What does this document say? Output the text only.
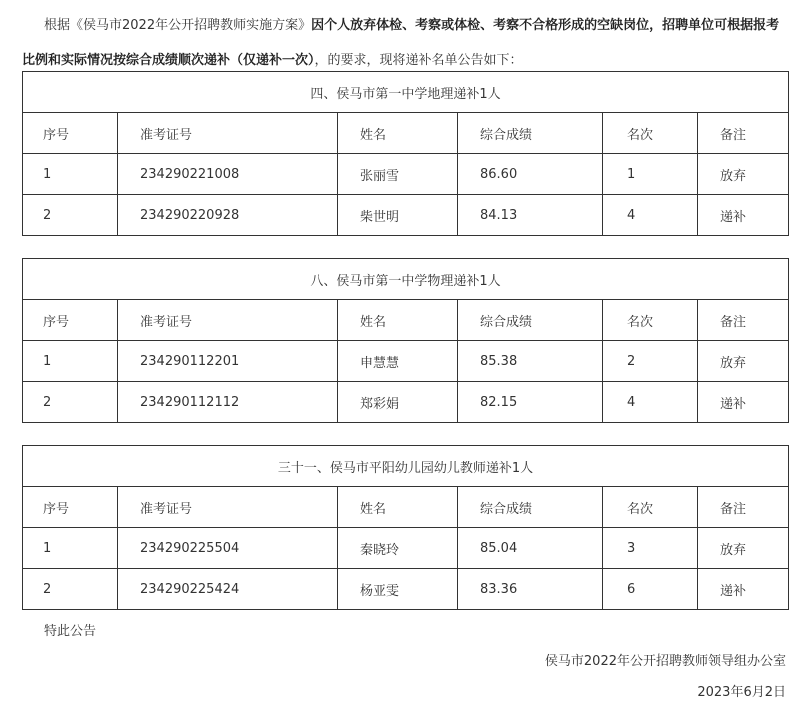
根据《侯马市2022年公开招聘教师实施方案》因个人放弃体检、考察或体检、考察不合格形成的空缺岗位，招聘单位可根据报考比例和实际情况按综合成绩顺次递补（仅递补一次），的要求，现将递补名单公告如下：
四、侯马市第一中学地理递补1人					
序号	准考证号	姓名	综合成绩	名次	备注
1	234290221008	张丽雪	86.60	1	放弃
2	234290220928	柴世明	84.13	4	递补
八、侯马市第一中学物理递补1人					
序号	准考证号	姓名	综合成绩	名次	备注
1	234290112201	申慧慧	85.38	2	放弃
2	234290112112	郑彩娟	82.15	4	递补
三十一、侯马市平阳幼儿园幼儿教师递补1人					
序号	准考证号	姓名	综合成绩	名次	备注
1	234290225504	秦晓玲	85.04	3	放弃
2	234290225424	杨亚雯	83.36	6	递补
特此公告
侯马市2022年公开招聘教师领导组办公室
2023年6月2日
